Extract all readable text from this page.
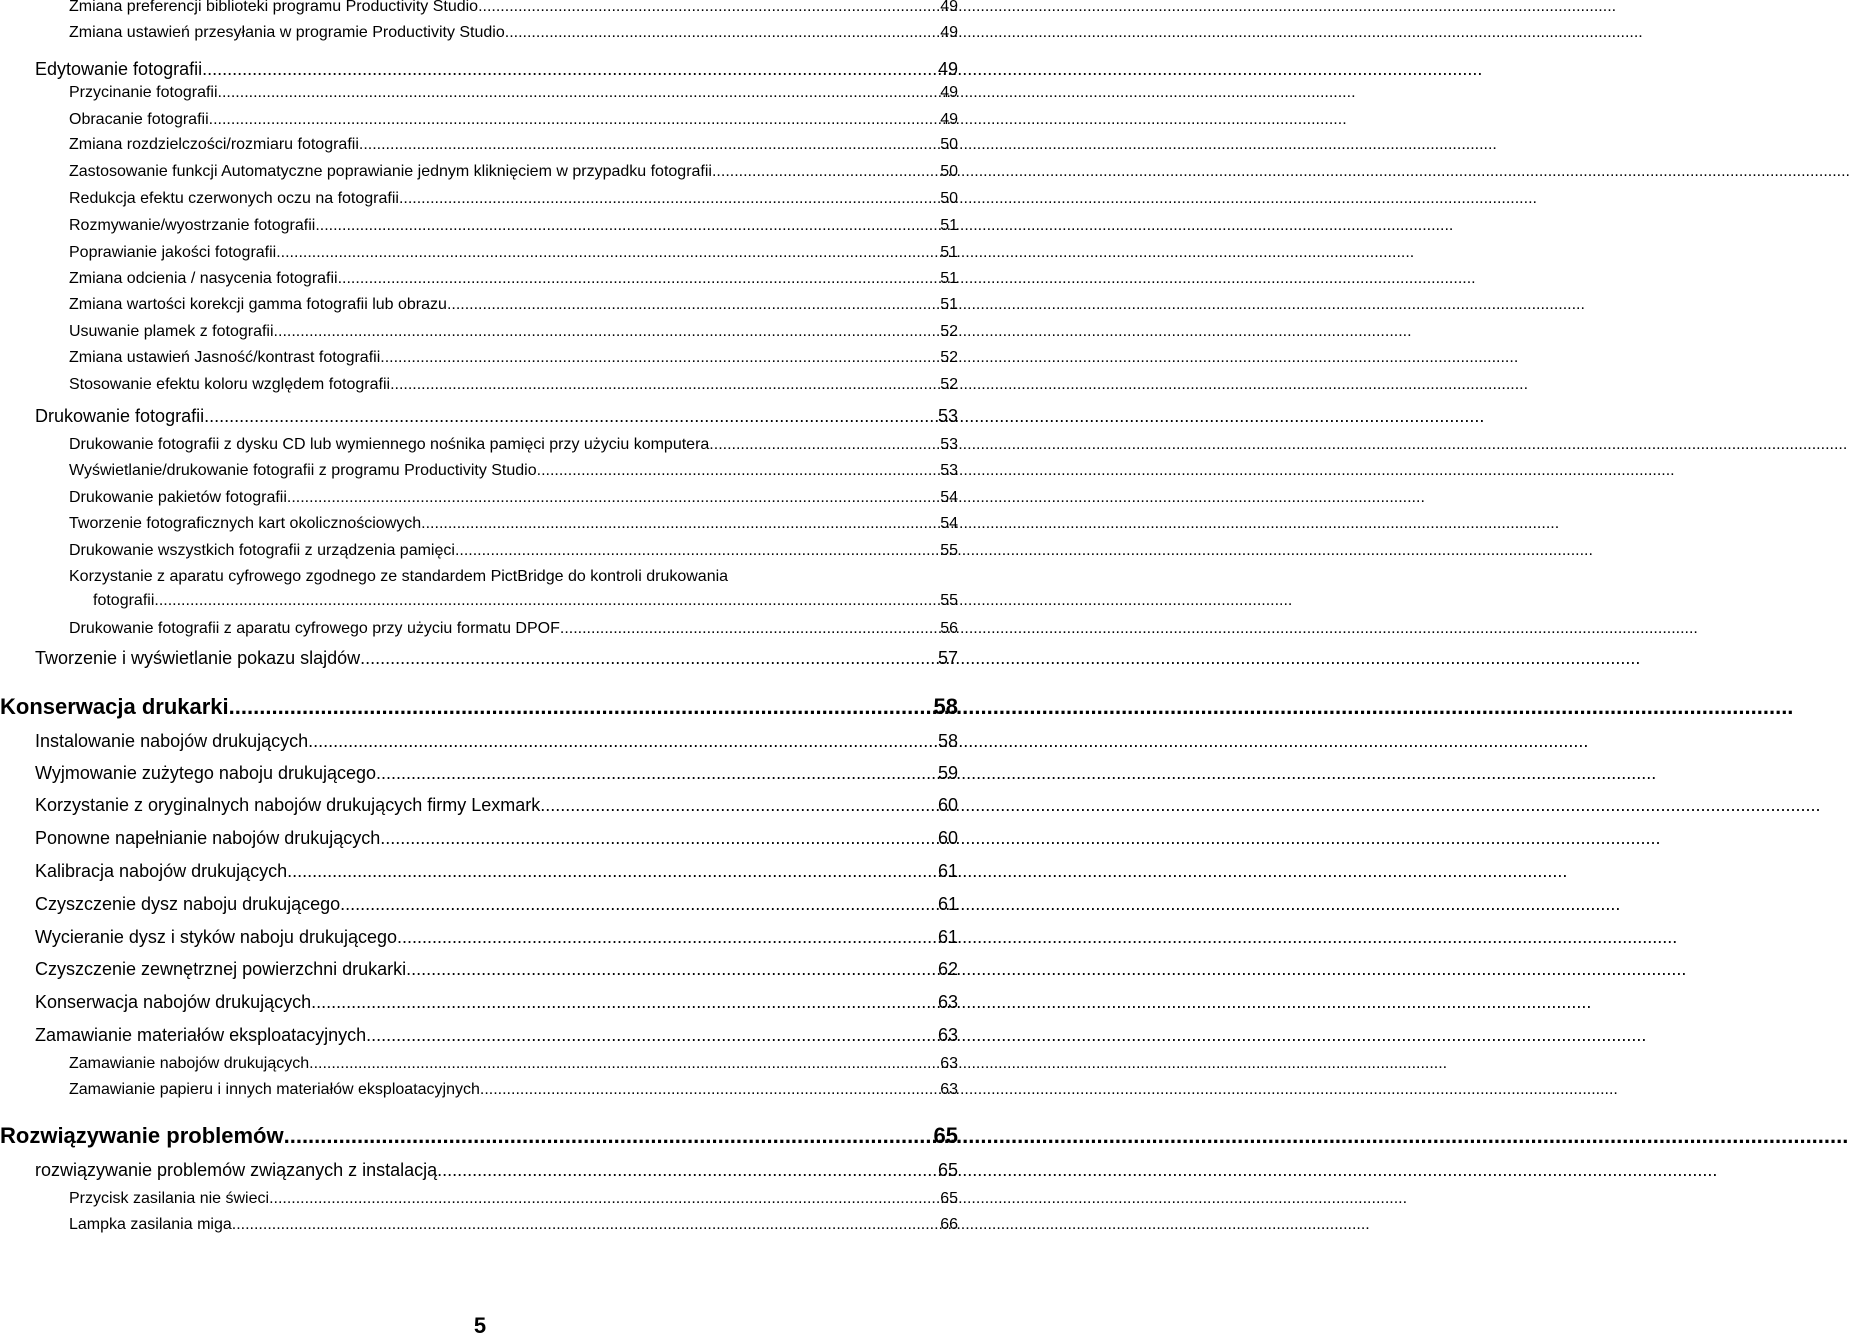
Zmiana preferencji biblioteki programu Productivity Studio .....	49
Zmiana ustawień przesyłania w programie Productivity Studio .....	49
Edytowanie fotografii .....	49
Przycinanie fotografii .....	49
Obracanie fotografii .....	49
Zmiana rozdzielczości/rozmiaru fotografii .....	50
Zastosowanie funkcji Automatyczne poprawianie jednym kliknięciem w przypadku fotografii .....	50
Redukcja efektu czerwonych oczu na fotografii .....	50
Rozmywanie/wyostrzanie fotografii .....	51
Poprawianie jakości fotografii .....	51
Zmiana odcienia / nasycenia fotografii .....	51
Zmiana wartości korekcji gamma fotografii lub obrazu .....	51
Usuwanie plamek z fotografii .....	52
Zmiana ustawień Jasność/kontrast fotografii .....	52
Stosowanie efektu koloru względem fotografii .....	52
Drukowanie fotografii .....	53
Drukowanie fotografii z dysku CD lub wymiennego nośnika pamięci przy użyciu komputera .....	53
Wyświetlanie/drukowanie fotografii z programu Productivity Studio .....	53
Drukowanie pakietów fotografii .....	54
Tworzenie fotograficznych kart okolicznościowych .....	54
Drukowanie wszystkich fotografii z urządzenia pamięci .....	55
Korzystanie z aparatu cyfrowego zgodnego ze standardem PictBridge do kontroli drukowania
fotografii .....	55
Drukowanie fotografii z aparatu cyfrowego przy użyciu formatu DPOF .....	56
Tworzenie i wyświetlanie pokazu slajdów .....	57
Konserwacja drukarki .....	58
Instalowanie nabojów drukujących .....	58
Wyjmowanie zużytego naboju drukującego .....	59
Korzystanie z oryginalnych nabojów drukujących firmy Lexmark .....	60
Ponowne napełnianie nabojów drukujących .....	60
Kalibracja nabojów drukujących .....	61
Czyszczenie dysz naboju drukującego .....	61
Wycieranie dysz i styków naboju drukującego .....	61
Czyszczenie zewnętrznej powierzchni drukarki .....	62
Konserwacja nabojów drukujących .....	63
Zamawianie materiałów eksploatacyjnych .....	63
Zamawianie nabojów drukujących .....	63
Zamawianie papieru i innych materiałów eksploatacyjnych .....	63
Rozwiązywanie problemów .....	65
rozwiązywanie problemów związanych z instalacją .....	65
Przycisk zasilania nie świeci .....	65
Lampka zasilania miga .....	66
5
